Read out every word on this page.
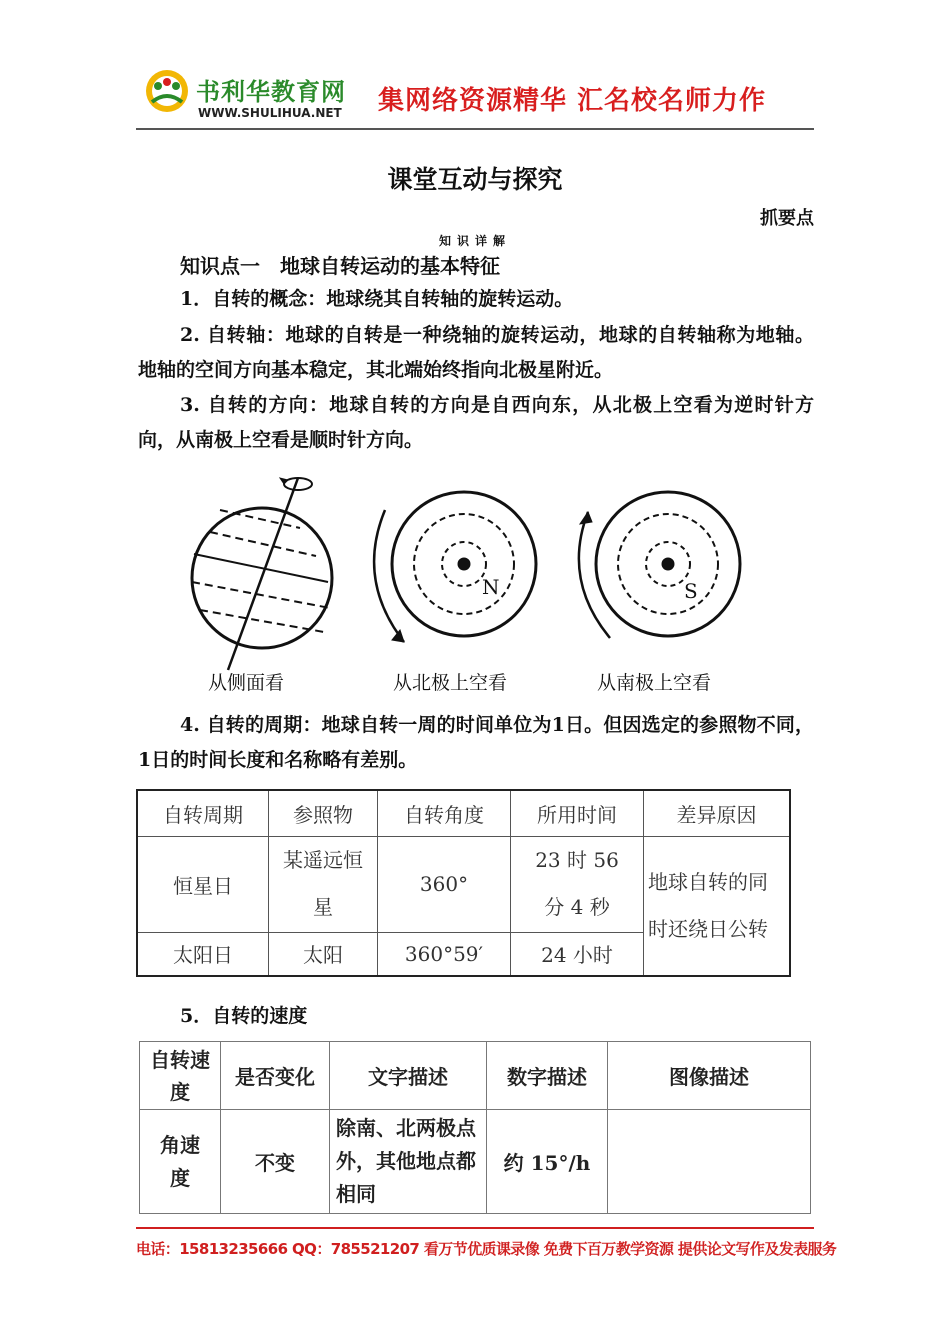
书利华教育网
WWW.SHULIHUA.NET 集网络资源精华 汇名校名师力作
课堂互动与探究
抓要点
知识详解
知识点一　地球自转运动的基本特征
1．自转的概念：地球绕其自转轴的旋转运动。
2. 自转轴：地球的自转是一种绕轴的旋转运动，地球的自转轴称为地轴。地轴的空间方向基本稳定，其北端始终指向北极星附近。
3. 自转的方向：地球自转的方向是自西向东，从北极上空看为逆时针方向，从南极上空看是顺时针方向。
N	S
从侧面看	从北极上空看	从南极上空看
4. 自转的周期：地球自转一周的时间单位为1日。但因选定的参照物不同，1日的时间长度和名称略有差别。
自转周期	参照物	自转角度	所用时间	差异原因
恒星日	某遥远恒星	360°	23 时 56 分 4 秒	地球自转的同时还绕日公转
太阳日	太阳	360°59′	24 小时	
5．自转的速度
自转速度	是否变化	文字描述	数字描述	图像描述
角速度	不变	除南、北两极点外，其他地点都相同	约 15°/h	
电话：15813235666 QQ：785521207 看万节优质课录像 免费下百万教学资源 提供论文写作及发表服务
